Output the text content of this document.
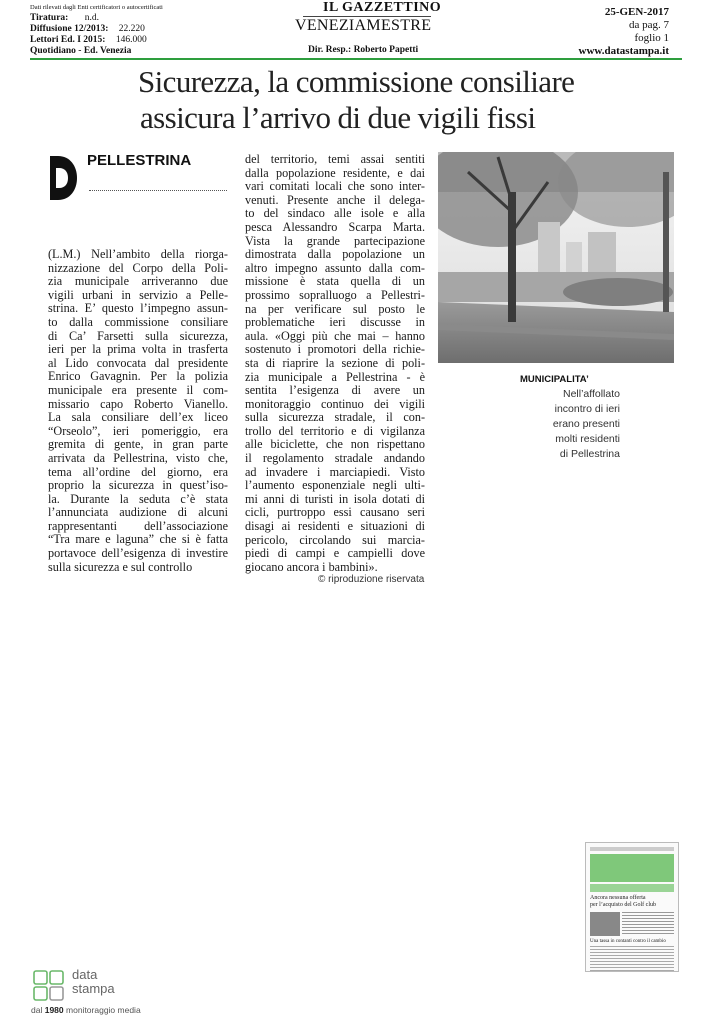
Dati rilevati dagli Enti certificatori o autocertificati
Tiratura: n.d.
Diffusione 12/2013: 22.220
Lettori Ed. I 2015: 146.000
Quotidiano - Ed. Venezia
IL GAZZETTINO
VENEZIAMESTRE
Dir. Resp.: Roberto Papetti
25-GEN-2017
da pag. 7
foglio 1
www.datastampa.it
Sicurezza, la commissione consiliare
assicura l’arrivo di due vigili fissi
PELLESTRINA
(L.M.) Nell’ambito della riorga-
nizzazione del Corpo della Poli-
zia municipale arriveranno due
vigili urbani in servizio a Pelle-
strina. E’ questo l’impegno assun-
to dalla commissione consiliare
di Ca’ Farsetti sulla sicurezza,
ieri per la prima volta in trasferta
al Lido convocata dal presidente
Enrico Gavagnin. Per la polizia
municipale era presente il com-
missario capo Roberto Vianello.
La sala consiliare dell’ex liceo
“Orseolo”, ieri pomeriggio, era
gremita di gente, in gran parte
arrivata da Pellestrina, visto che,
tema all’ordine del giorno, era
proprio la sicurezza in quest’iso-
la. Durante la seduta c’è stata
l’annunciata audizione di alcuni
rappresentanti dell’associazione
“Tra mare e laguna” che si è fatta
portavoce dell’esigenza di investire
sulla sicurezza e sul controllo
del territorio, temi assai sentiti
dalla popolazione residente, e dai
vari comitati locali che sono inter-
venuti. Presente anche il delega-
to del sindaco alle isole e alla
pesca Alessandro Scarpa Marta.
Vista la grande partecipazione
dimostrata dalla popolazione un
altro impegno assunto dalla com-
missione è stata quella di un
prossimo sopralluogo a Pellestri-
na per verificare sul posto le
problematiche ieri discusse in
aula. «Oggi più che mai – hanno
sostenuto i promotori della richie-
sta di riaprire la sezione di poli-
zia municipale a Pellestrina - è
sentita l’esigenza di avere un
monitoraggio continuo dei vigili
sulla sicurezza stradale, il con-
trollo del territorio e di vigilanza
alle biciclette, che non rispettano
il regolamento stradale andando
ad invadere i marciapiedi. Visto
l’aumento esponenziale negli ulti-
mi anni di turisti in isola dotati di
cicli, purtroppo essi causano seri
disagi ai residenti e situazioni di
pericolo, circolando sui marcia-
piedi di campi e campielli dove
giocano ancora i bambini».
© riproduzione riservata
MUNICIPALITA’
Nell’affollato
incontro di ieri
erano presenti
molti residenti
di Pellestrina
Ancora nessuna offerta
per l’acquisto del Golf club
Una tassa in contanti contro il cambio
data
stampa
dal 1980 monitoraggio media
